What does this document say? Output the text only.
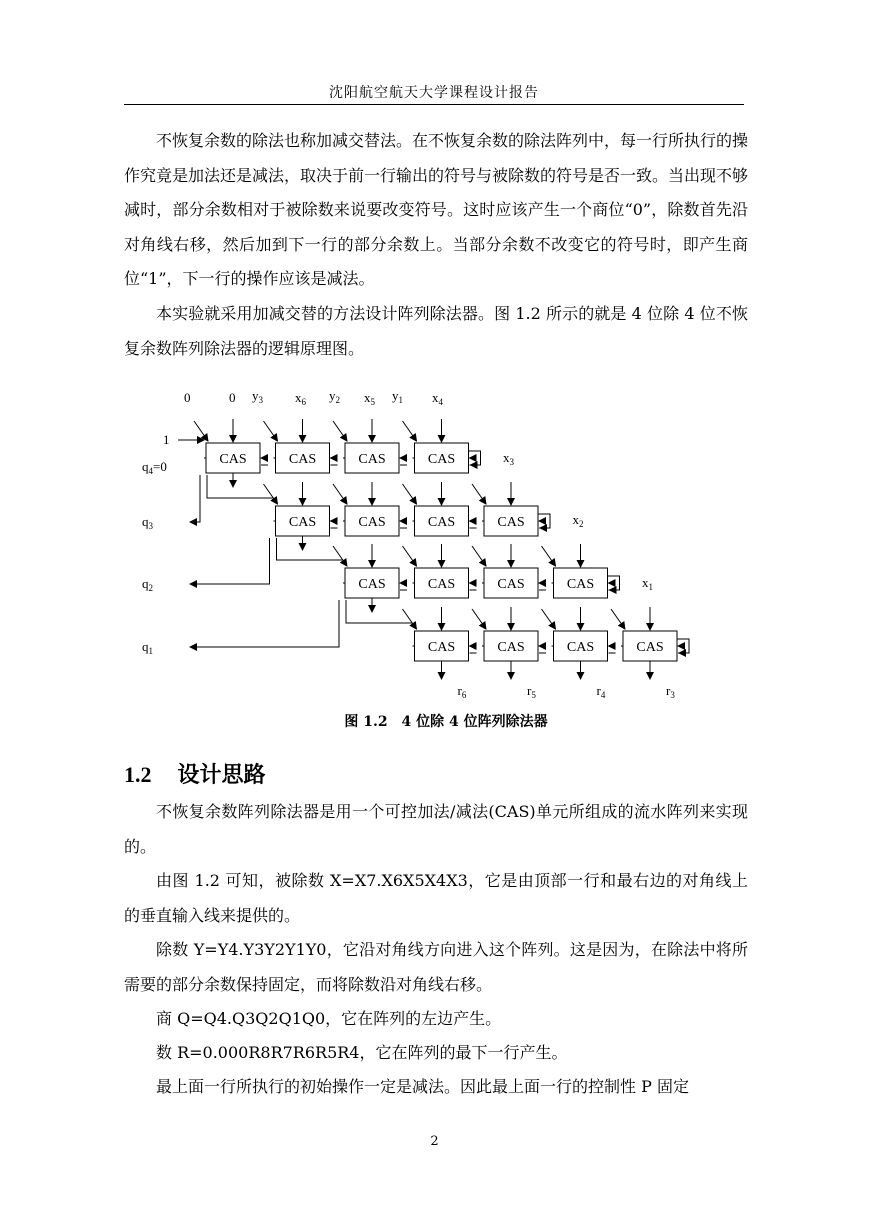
沈阳航空航天大学课程设计报告

不恢复余数的除法也称加减交替法。在不恢复余数的除法阵列中，每一行所执行的操作究竟是加法还是减法，取决于前一行输出的符号与被除数的符号是否一致。当出现不够减时，部分余数相对于被除数来说要改变符号。这时应该产生一个商位“0”，除数首先沿对角线右移，然后加到下一行的部分余数上。当部分余数不改变它的符号时，即产生商位“1”，下一行的操作应该是减法。

本实验就采用加减交替的方法设计阵列除法器。图 1.2 所示的就是 4 位除 4 位不恢复余数阵列除法器的逻辑原理图。

CAS	CAS	CAS	CAS
CAS	CAS	CAS	CAS
CAS	CAS	CAS	CAS
CAS	CAS	CAS	CAS
$x_3$
$x_2$
$x_1$
$r_6$	$r_5$	$r_4$	$r_3$
$q_4=0$
$q_3$
$q_2$
$q_1$
0	0 $y_3$ $x_6$ $y_2$ $x_5$ $y_1$ $x_4$
1
图 1.2　4 位除 4 位阵列除法器
1.2 设计思路

不恢复余数阵列除法器是用一个可控加法/减法(CAS)单元所组成的流水阵列来实现的。

由图 1.2 可知，被除数 X=X7.X6X5X4X3，它是由顶部一行和最右边的对角线上的垂直输入线来提供的。

除数 Y=Y4.Y3Y2Y1Y0，它沿对角线方向进入这个阵列。这是因为，在除法中将所需要的部分余数保持固定，而将除数沿对角线右移。

商 Q=Q4.Q3Q2Q1Q0，它在阵列的左边产生。

数 R=0.000R8R7R6R5R4，它在阵列的最下一行产生。

最上面一行所执行的初始操作一定是减法。因此最上面一行的控制性 P 固定

2
